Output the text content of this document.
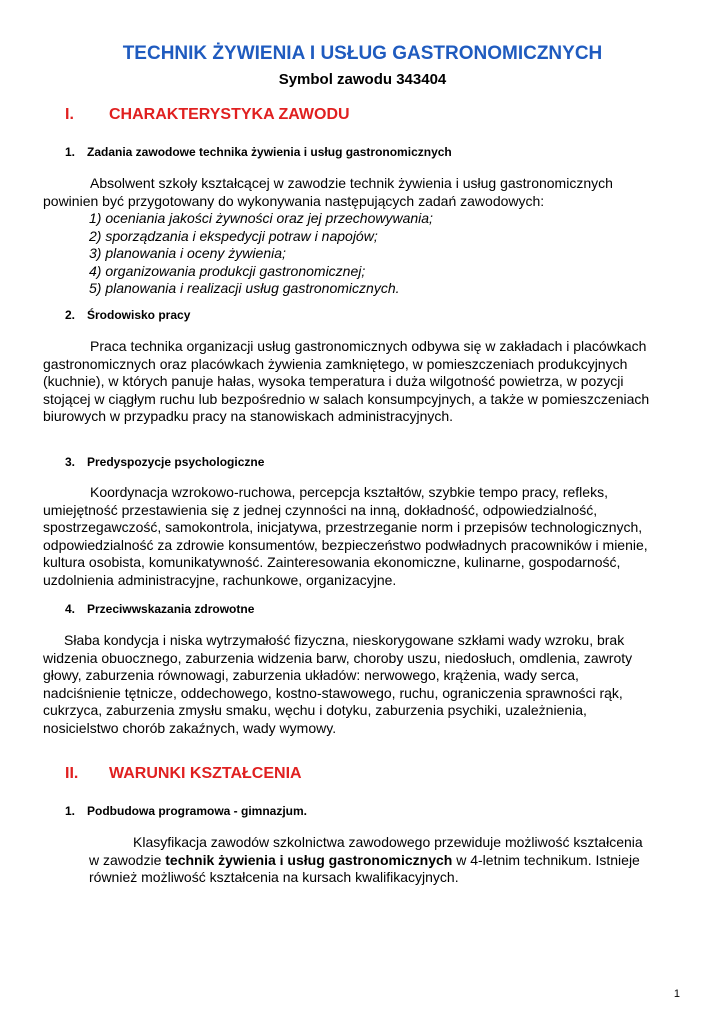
TECHNIK ŻYWIENIA I USŁUG GASTRONOMICZNYCH

Symbol zawodu 343404

I. CHARAKTERYSTYKA ZAWODU
1. Zadania zawodowe technika żywienia i usług gastronomicznych
Absolwent szkoły kształcącej w zawodzie technik żywienia i usług gastronomicznych
powinien być przygotowany do wykonywania następujących zadań zawodowych:
1) oceniania jakości żywności oraz jej przechowywania;
2) sporządzania i ekspedycji potraw i napojów;
3) planowania i oceny żywienia;
4) organizowania produkcji gastronomicznej;
5) planowania i realizacji usług gastronomicznych.
2. Środowisko pracy
Praca technika organizacji usług gastronomicznych odbywa się w zakładach i placówkach
gastronomicznych oraz placówkach żywienia zamkniętego, w pomieszczeniach produkcyjnych
(kuchnie), w których panuje hałas, wysoka temperatura i duża wilgotność powietrza, w pozycji
stojącej w ciągłym ruchu lub bezpośrednio w salach konsumpcyjnych, a także w pomieszczeniach
biurowych w przypadku pracy na stanowiskach administracyjnych.
3. Predyspozycje psychologiczne
Koordynacja wzrokowo-ruchowa, percepcja kształtów, szybkie tempo pracy, refleks,
umiejętność przestawienia się z jednej czynności na inną, dokładność, odpowiedzialność,
spostrzegawczość, samokontrola, inicjatywa, przestrzeganie norm i przepisów technologicznych,
odpowiedzialność za zdrowie konsumentów, bezpieczeństwo podwładnych pracowników i mienie,
kultura osobista, komunikatywność. Zainteresowania ekonomiczne, kulinarne, gospodarność,
uzdolnienia administracyjne, rachunkowe, organizacyjne.
4. Przeciwwskazania zdrowotne
Słaba kondycja i niska wytrzymałość fizyczna, nieskorygowane szkłami wady wzroku, brak
widzenia obuocznego, zaburzenia widzenia barw, choroby uszu, niedosłuch, omdlenia, zawroty
głowy, zaburzenia równowagi, zaburzenia układów: nerwowego, krążenia, wady serca,
nadciśnienie tętnicze, oddechowego, kostno-stawowego, ruchu, ograniczenia sprawności rąk,
cukrzyca, zaburzenia zmysłu smaku, węchu i dotyku, zaburzenia psychiki, uzależnienia,
nosicielstwo chorób zakaźnych, wady wymowy.
II. WARUNKI KSZTAŁCENIA
1. Podbudowa programowa - gimnazjum.
Klasyfikacja zawodów szkolnictwa zawodowego przewiduje możliwość kształcenia
w zawodzie technik żywienia i usług gastronomicznych w 4-letnim technikum. Istnieje
również możliwość kształcenia na kursach kwalifikacyjnych.
1
